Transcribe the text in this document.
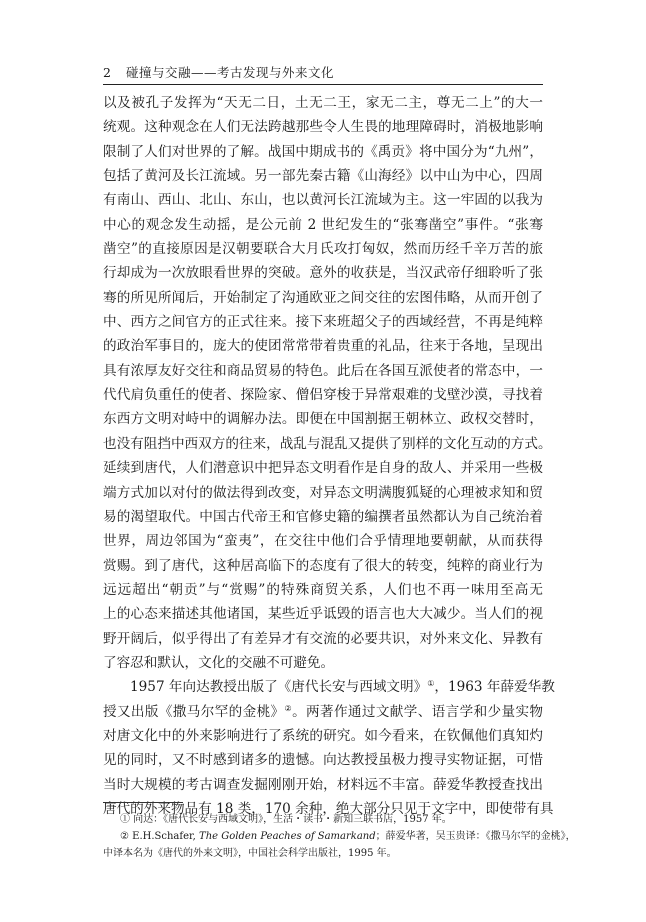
2 碰撞与交融——考古发现与外来文化
以及被孔子发挥为“天无二日，土无二王，家无二主，尊无二上”的大一
统观。这种观念在人们无法跨越那些令人生畏的地理障碍时，消极地影响
限制了人们对世界的了解。战国中期成书的《禹贡》将中国分为“九州”，
包括了黄河及长江流域。另一部先秦古籍《山海经》以中山为中心，四周
有南山、西山、北山、东山，也以黄河长江流域为主。这一牢固的以我为
中心的观念发生动摇，是公元前 2 世纪发生的“张骞凿空”事件。“张骞
凿空”的直接原因是汉朝要联合大月氏攻打匈奴，然而历经千辛万苦的旅
行却成为一次放眼看世界的突破。意外的收获是，当汉武帝仔细聆听了张
骞的所见所闻后，开始制定了沟通欧亚之间交往的宏图伟略，从而开创了
中、西方之间官方的正式往来。接下来班超父子的西域经营，不再是纯粹
的政治军事目的，庞大的使团常常带着贵重的礼品，往来于各地，呈现出
具有浓厚友好交往和商品贸易的特色。此后在各国互派使者的常态中，一
代代肩负重任的使者、探险家、僧侣穿梭于异常艰难的戈壁沙漠，寻找着
东西方文明对峙中的调解办法。即便在中国割据王朝林立、政权交替时，
也没有阻挡中西双方的往来，战乱与混乱又提供了别样的文化互动的方式。
延续到唐代，人们潜意识中把异态文明看作是自身的敌人、并采用一些极
端方式加以对付的做法得到改变，对异态文明满腹狐疑的心理被求知和贸
易的渴望取代。中国古代帝王和官修史籍的编撰者虽然都认为自己统治着
世界，周边邻国为“蛮夷”，在交往中他们合乎情理地要朝献，从而获得
赏赐。到了唐代，这种居高临下的态度有了很大的转变，纯粹的商业行为
远远超出“朝贡”与“赏赐”的特殊商贸关系，人们也不再一味用至高无
上的心态来描述其他诸国，某些近乎诋毁的语言也大大减少。当人们的视
野开阔后，似乎得出了有差异才有交流的必要共识，对外来文化、异教有
了容忍和默认，文化的交融不可避免。
1957 年向达教授出版了《唐代长安与西域文明》①，1963 年薛爱华教
授又出版《撒马尔罕的金桃》②。两著作通过文献学、语言学和少量实物
对唐文化中的外来影响进行了系统的研究。如今看来，在钦佩他们真知灼
见的同时，又不时感到诸多的遗憾。向达教授虽极力搜寻实物证据，可惜
当时大规模的考古调查发掘刚刚开始，材料远不丰富。薛爱华教授查找出
唐代的外来物品有 18 类，170 余种，绝大部分只见于文字中，即使带有具
① 向达：《唐代长安与西域文明》，生活・读书・新知三联书店，1957 年。
② E.H.Schafer, The Golden Peaches of Samarkand；薛爱华著，吴玉贵译：《撒马尔罕的金桃》，
中译本名为《唐代的外来文明》，中国社会科学出版社，1995 年。
